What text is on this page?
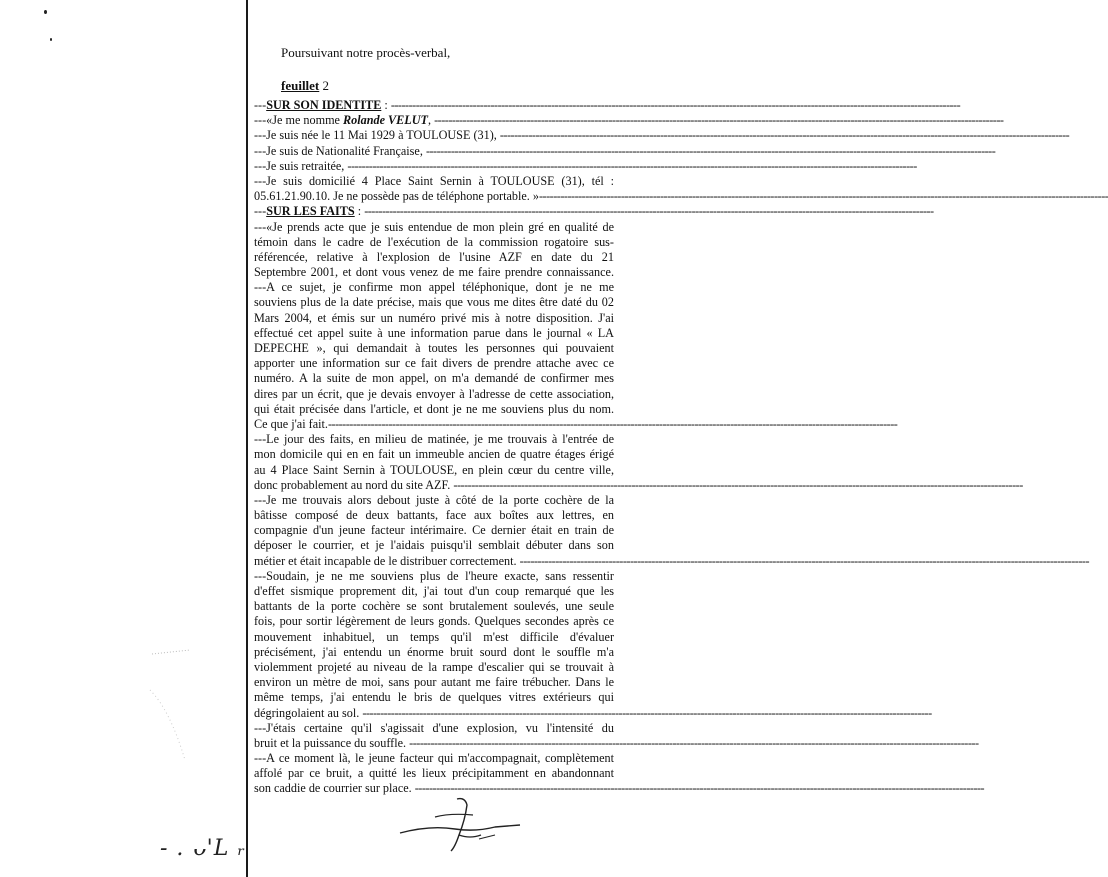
Poursuivant notre procès-verbal,
feuillet 2
---SUR SON IDENTITE : ----------------------------------------------------------------------------------------------------------------------------------------------------------------
---«Je me nomme Rolande VELUT, ----------------------------------------------------------------------------------------------------------------------------------------------------------------
---Je suis née le 11 Mai 1929 à TOULOUSE (31), ----------------------------------------------------------------------------------------------------------------------------------------------------------------
---Je suis de Nationalité Française, ----------------------------------------------------------------------------------------------------------------------------------------------------------------
---Je suis retraitée, ----------------------------------------------------------------------------------------------------------------------------------------------------------------
---Je suis domicilié 4 Place Saint Sernin à TOULOUSE (31), tél :
05.61.21.90.10. Je ne possède pas de téléphone portable. » ----------------------------------------------------------------------------------------------------------------------------------------------------------------
---SUR LES FAITS : ----------------------------------------------------------------------------------------------------------------------------------------------------------------
---«Je prends acte que je suis entendue de mon plein gré en qualité de
témoin dans le cadre de l'exécution de la commission rogatoire sus-
référencée, relative à l'explosion de l'usine AZF en date du 21
Septembre 2001, et dont vous venez de me faire prendre connaissance.
---A ce sujet, je confirme mon appel téléphonique, dont je ne me
souviens plus de la date précise, mais que vous me dites être daté du 02
Mars 2004, et émis sur un numéro privé mis à notre disposition. J'ai
effectué cet appel suite à une information parue dans le journal « LA
DEPECHE », qui demandait à toutes les personnes qui pouvaient
apporter une information sur ce fait divers de prendre attache avec ce
numéro. A la suite de mon appel, on m'a demandé de confirmer mes
dires par un écrit, que je devais envoyer à l'adresse de cette association,
qui était précisée dans l'article, et dont je ne me souviens plus du nom.
Ce que j'ai fait. ----------------------------------------------------------------------------------------------------------------------------------------------------------------
---Le jour des faits, en milieu de matinée, je me trouvais à l'entrée de
mon domicile qui en en fait un immeuble ancien de quatre étages érigé
au 4 Place Saint Sernin à TOULOUSE, en plein cœur du centre ville,
donc probablement au nord du site AZF. ----------------------------------------------------------------------------------------------------------------------------------------------------------------
---Je me trouvais alors debout juste à côté de la porte cochère de la
bâtisse composé de deux battants, face aux boîtes aux lettres, en
compagnie d'un jeune facteur intérimaire. Ce dernier était en train de
déposer le courrier, et je l'aidais puisqu'il semblait débuter dans son
métier et était incapable de le distribuer correctement. ----------------------------------------------------------------------------------------------------------------------------------------------------------------
---Soudain, je ne me souviens plus de l'heure exacte, sans ressentir
d'effet sismique proprement dit, j'ai tout d'un coup remarqué que les
battants de la porte cochère se sont brutalement soulevés, une seule
fois, pour sortir légèrement de leurs gonds. Quelques secondes après ce
mouvement inhabituel, un temps qu'il m'est difficile d'évaluer
précisément, j'ai entendu un énorme bruit sourd dont le souffle m'a
violemment projeté au niveau de la rampe d'escalier qui se trouvait à
environ un mètre de moi, sans pour autant me faire trébucher. Dans le
même temps, j'ai entendu le bris de quelques vitres extérieurs qui
dégringolaient au sol. ----------------------------------------------------------------------------------------------------------------------------------------------------------------
---J'étais certaine qu'il s'agissait d'une explosion, vu l'intensité du
bruit et la puissance du souffle. ----------------------------------------------------------------------------------------------------------------------------------------------------------------
---A ce moment là, le jeune facteur qui m'accompagnait, complètement
affolé par ce bruit, a quitté les lieux précipitamment en abandonnant
son caddie de courrier sur place. ----------------------------------------------------------------------------------------------------------------------------------------------------------------
- . ᴗ'L ᵣ
